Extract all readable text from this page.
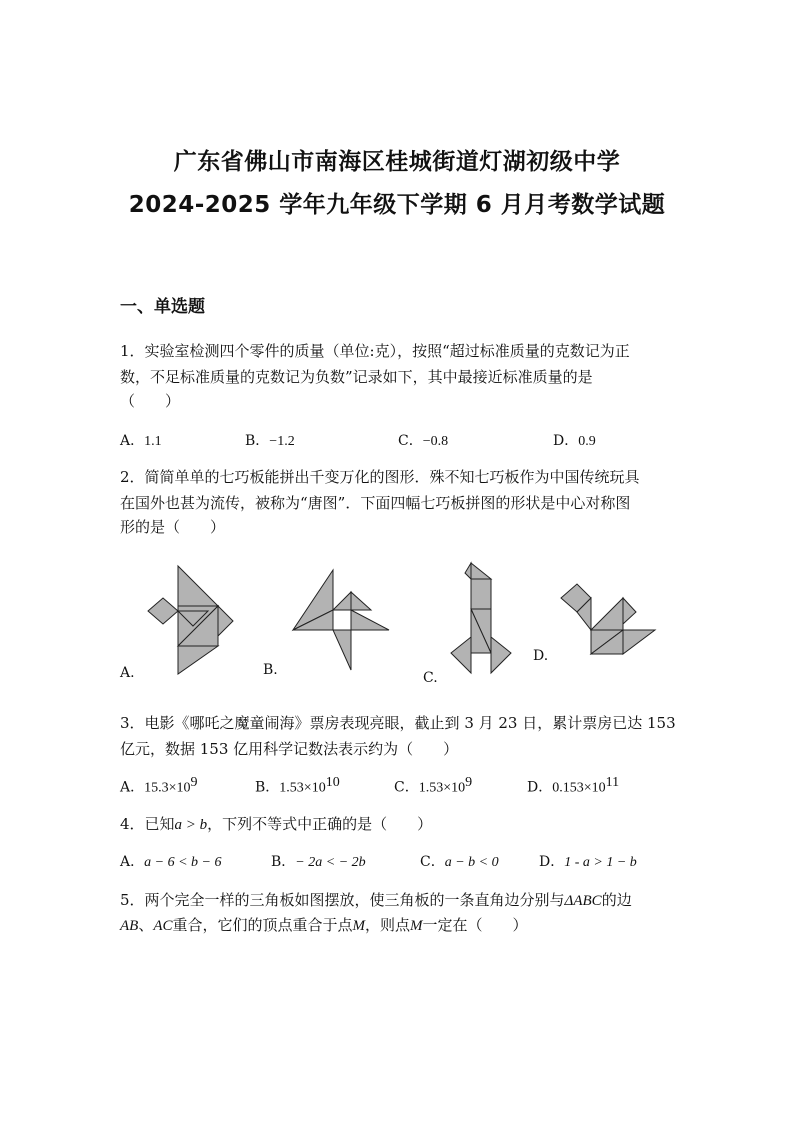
广东省佛山市南海区桂城街道灯湖初级中学
2024-2025 学年九年级下学期 6 月月考数学试题
一、单选题
1．实验室检测四个零件的质量（单位:克），按照“超过标准质量的克数记为正
数，不足标准质量的克数记为负数”记录如下，其中最接近标准质量的是
（　　）
A．1.1	B．−1.2	C．−0.8	D．0.9
2．简简单单的七巧板能拼出千变万化的图形．殊不知七巧板作为中国传统玩具
在国外也甚为流传，被称为“唐图”．下面四幅七巧板拼图的形状是中心对称图
形的是（　　）
A.	B.	C.
D.
3．电影《哪吒之魔童闹海》票房表现亮眼，截止到 3 月 23 日，累计票房已达 153
亿元，数据 153 亿用科学记数法表示约为（　　）
A．$15.3\times 10^9$	B．$1.53\times 10^{10}$	C．$1.53\times 10^9$	D．$0.153\times 10^{11}$
4．已知a > b，下列不等式中正确的是（　　）
A．a − 6 < b − 6	B．− 2a < − 2b	C．a − b < 0	D．1 - a > 1 − b
5．两个完全一样的三角板如图摆放，使三角板的一条直角边分别与ΔABC的边
AB、AC重合，它们的顶点重合于点M，则点M一定在（　　）
